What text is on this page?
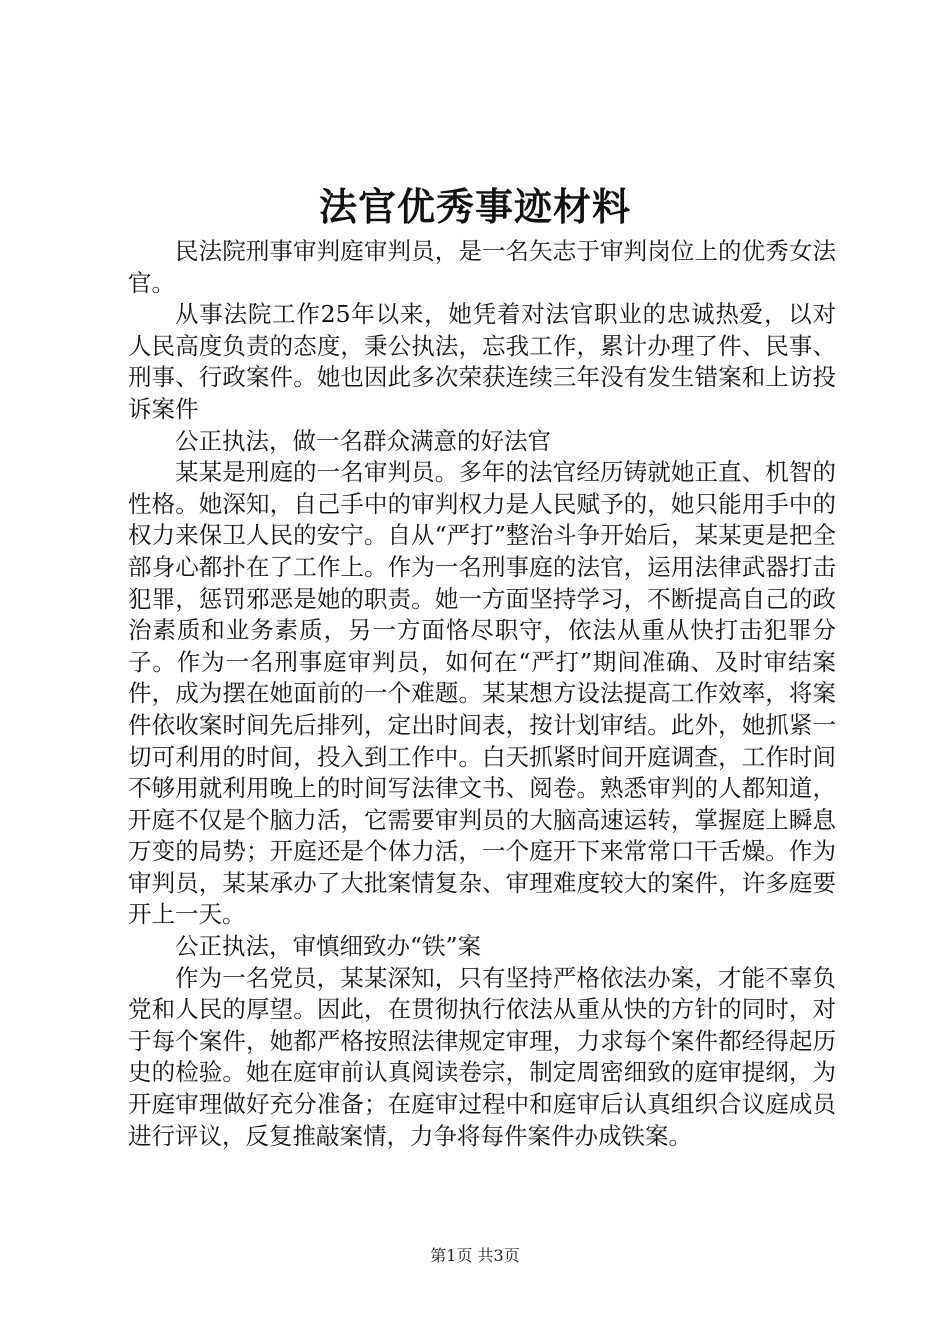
法官优秀事迹材料

民法院刑事审判庭审判员，是一名矢志于审判岗位上的优秀女法官。

从事法院工作25年以来，她凭着对法官职业的忠诚热爱，以对人民高度负责的态度，秉公执法，忘我工作，累计办理了件、民事、刑事、行政案件。她也因此多次荣获连续三年没有发生错案和上访投诉案件

公正执法，做一名群众满意的好法官

某某是刑庭的一名审判员。多年的法官经历铸就她正直、机智的性格。她深知，自己手中的审判权力是人民赋予的，她只能用手中的权力来保卫人民的安宁。自从“严打”整治斗争开始后，某某更是把全部身心都扑在了工作上。作为一名刑事庭的法官，运用法律武器打击犯罪，惩罚邪恶是她的职责。她一方面坚持学习，不断提高自己的政治素质和业务素质，另一方面恪尽职守，依法从重从快打击犯罪分子。作为一名刑事庭审判员，如何在“严打”期间准确、及时审结案件，成为摆在她面前的一个难题。某某想方设法提高工作效率，将案件依收案时间先后排列，定出时间表，按计划审结。此外，她抓紧一切可利用的时间，投入到工作中。白天抓紧时间开庭调查，工作时间不够用就利用晚上的时间写法律文书、阅卷。熟悉审判的人都知道，开庭不仅是个脑力活，它需要审判员的大脑高速运转，掌握庭上瞬息万变的局势；开庭还是个体力活，一个庭开下来常常口干舌燥。作为审判员，某某承办了大批案情复杂、审理难度较大的案件，许多庭要开上一天。

公正执法，审慎细致办“铁”案

作为一名党员，某某深知，只有坚持严格依法办案，才能不辜负党和人民的厚望。因此，在贯彻执行依法从重从快的方针的同时，对于每个案件，她都严格按照法律规定审理，力求每个案件都经得起历史的检验。她在庭审前认真阅读卷宗，制定周密细致的庭审提纲，为开庭审理做好充分准备；在庭审过程中和庭审后认真组织合议庭成员进行评议，反复推敲案情，力争将每件案件办成铁案。

第1页 共3页
